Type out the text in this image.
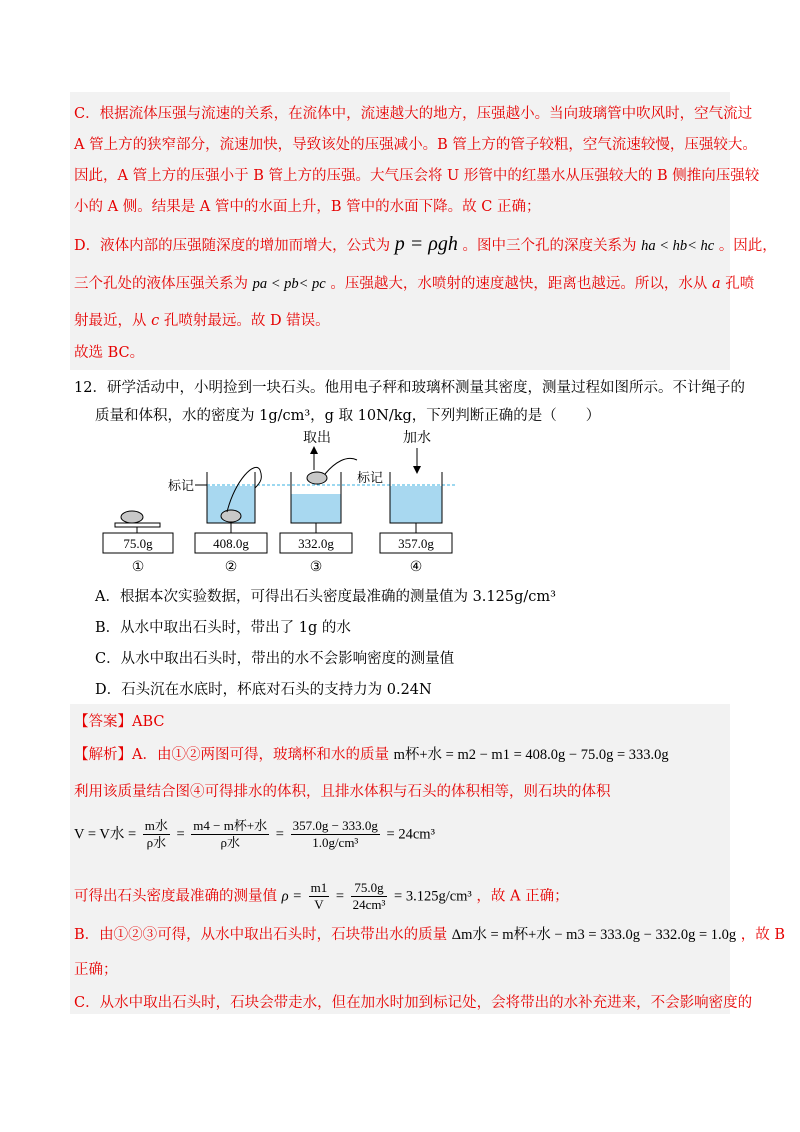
C．根据流体压强与流速的关系，在流体中，流速越大的地方，压强越小。当向玻璃管中吹风时，空气流过
A 管上方的狭窄部分，流速加快，导致该处的压强减小。B 管上方的管子较粗，空气流速较慢，压强较大。
因此，A 管上方的压强小于 B 管上方的压强。大气压会将 U 形管中的红墨水从压强较大的 B 侧推向压强较
小的 A 侧。结果是 A 管中的水面上升，B 管中的水面下降。故 C 正确；
D．液体内部的压强随深度的增加而增大，公式为 p = ρgh 。图中三个孔的深度关系为 ha < hb< hc 。因此，
三个孔处的液体压强关系为 pa < pb< pc 。压强越大，水喷射的速度越快，距离也越远。所以，水从 a 孔喷
射最近，从 c 孔喷射最远。故 D 错误。
故选 BC。
12．研学活动中，小明捡到一块石头。他用电子秤和玻璃杯测量其密度，测量过程如图所示。不计绳子的
质量和体积，水的密度为 1g/cm³，g 取 10N/kg，下列判断正确的是（　　）
75.0g
①
408.0g
②
标记
取出
332.0g
③
标记
加水
357.0g
④
A．根据本次实验数据，可得出石头密度最准确的测量值为 3.125g/cm³
B．从水中取出石头时，带出了 1g 的水
C．从水中取出石头时，带出的水不会影响密度的测量值
D．石头沉在水底时，杯底对石头的支持力为 0.24N
【答案】ABC
【解析】A．由①②两图可得，玻璃杯和水的质量 m杯+水 = m2 − m1 = 408.0g − 75.0g = 333.0g
利用该质量结合图④可得排水的体积，且排水体积与石头的体积相等，则石块的体积
V = V水 = $\frac{\text{m水}}{\text{ρ水}} = \frac{\text{m4 − m杯+水}}{\text{ρ水}} = \frac{357.0g - 333.0g}{\text{1.0g/cm³}} = 24cm^3$
可得出石头密度最准确的测量值 $\rho = \frac{m1}{V} = \frac{75.0g}{\text{24cm³}} = 3.125g/cm^3$ ，故 A 正确；
B．由①②③可得，从水中取出石头时，石块带出水的质量 Δm水 = m杯+水 − m3 = 333.0g − 332.0g = 1.0g ，故 B
正确；
C．从水中取出石头时，石块会带走水，但在加水时加到标记处，会将带出的水补充进来，不会影响密度的
